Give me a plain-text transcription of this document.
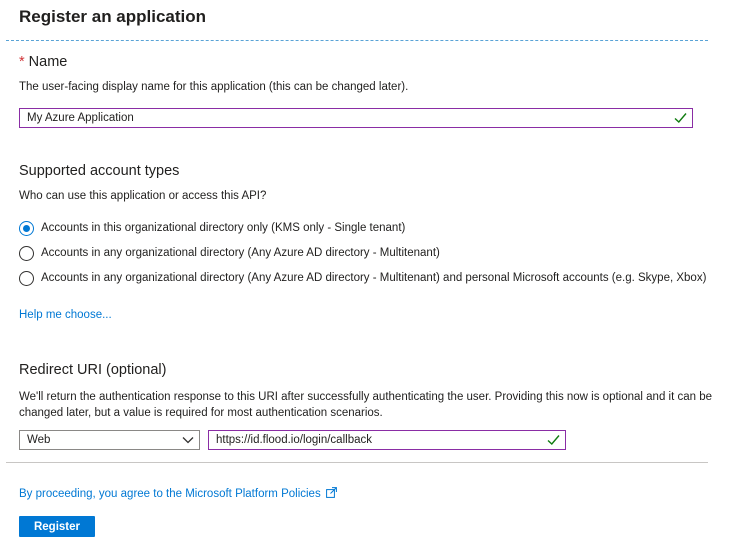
Register an application
* Name
The user-facing display name for this application (this can be changed later).
My Azure Application
Supported account types
Who can use this application or access this API?
Accounts in this organizational directory only (KMS only - Single tenant)
Accounts in any organizational directory (Any Azure AD directory - Multitenant)
Accounts in any organizational directory (Any Azure AD directory - Multitenant) and personal Microsoft accounts (e.g. Skype, Xbox)
Help me choose...
Redirect URI (optional)
We'll return the authentication response to this URI after successfully authenticating the user. Providing this now is optional and it can be
changed later, but a value is required for most authentication scenarios.
Web	https://id.flood.io/login/callback
By proceeding, you agree to the Microsoft Platform Policies
Register
